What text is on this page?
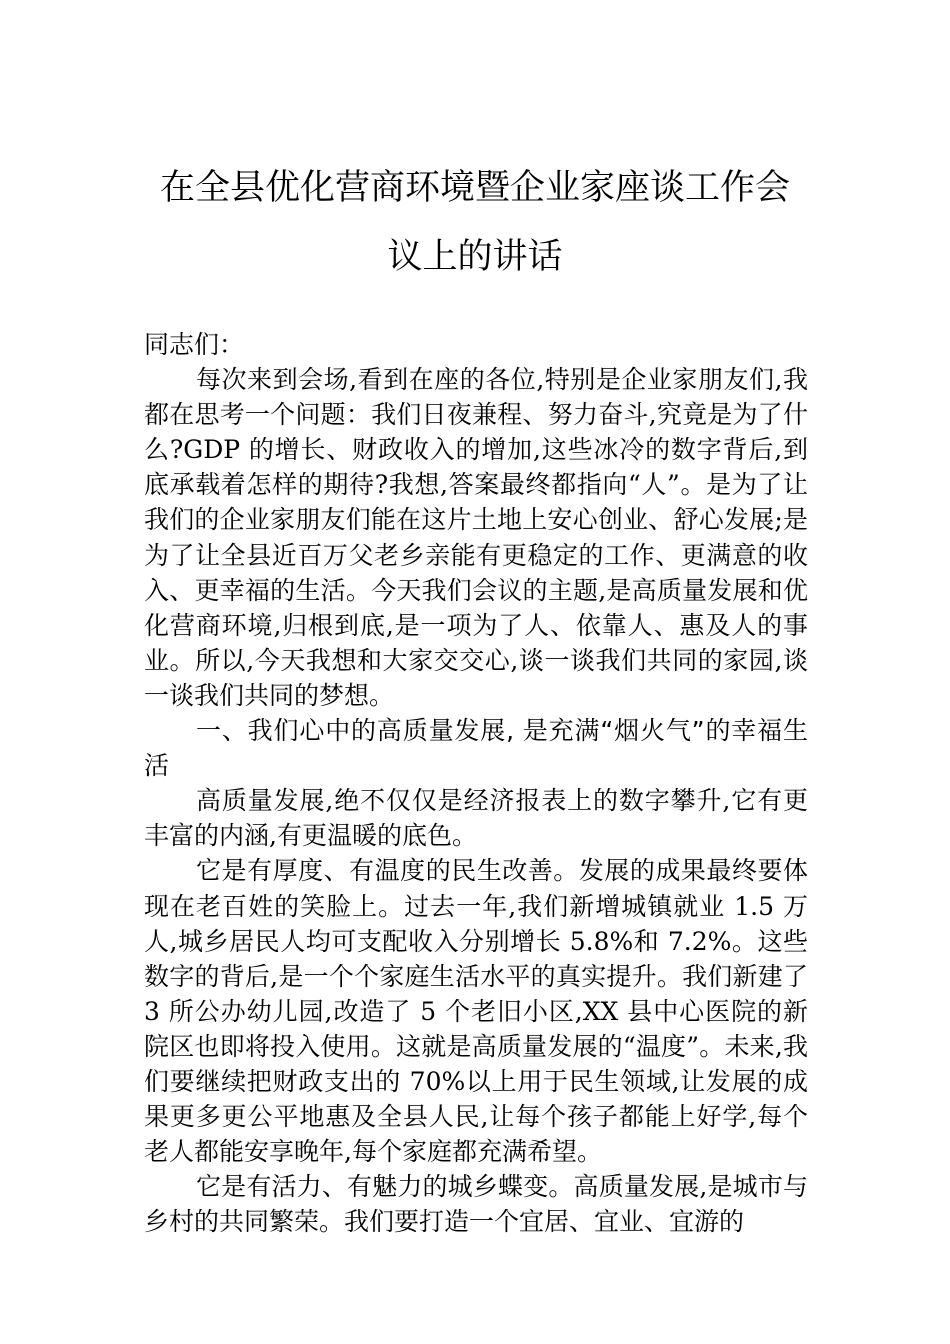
在全县优化营商环境暨企业家座谈工作会
议上的讲话

同志们：

每次来到会场,看到在座的各位,特别是企业家朋友们,我都在思考一个问题：我们日夜兼程、努力奋斗,究竟是为了什么?GDP 的增长、财政收入的增加,这些冰冷的数字背后,到底承载着怎样的期待?我想,答案最终都指向“人”。是为了让我们的企业家朋友们能在这片土地上安心创业、舒心发展;是为了让全县近百万父老乡亲能有更稳定的工作、更满意的收入、更幸福的生活。今天我们会议的主题,是高质量发展和优化营商环境,归根到底,是一项为了人、依靠人、惠及人的事业。所以,今天我想和大家交交心,谈一谈我们共同的家园,谈一谈我们共同的梦想。

一、我们心中的高质量发展, 是充满“烟火气”的幸福生活

高质量发展,绝不仅仅是经济报表上的数字攀升,它有更丰富的内涵,有更温暖的底色。

它是有厚度、有温度的民生改善。发展的成果最终要体现在老百姓的笑脸上。过去一年,我们新增城镇就业 1.5 万人,城乡居民人均可支配收入分别增长 5.8%和 7.2%。这些数字的背后,是一个个家庭生活水平的真实提升。我们新建了 3 所公办幼儿园,改造了 5 个老旧小区,XX 县中心医院的新院区也即将投入使用。这就是高质量发展的“温度”。未来,我们要继续把财政支出的 70%以上用于民生领域,让发展的成果更多更公平地惠及全县人民,让每个孩子都能上好学,每个老人都能安享晚年,每个家庭都充满希望。

它是有活力、有魅力的城乡蝶变。高质量发展,是城市与乡村的共同繁荣。我们要打造一个宜居、宜业、宜游的
